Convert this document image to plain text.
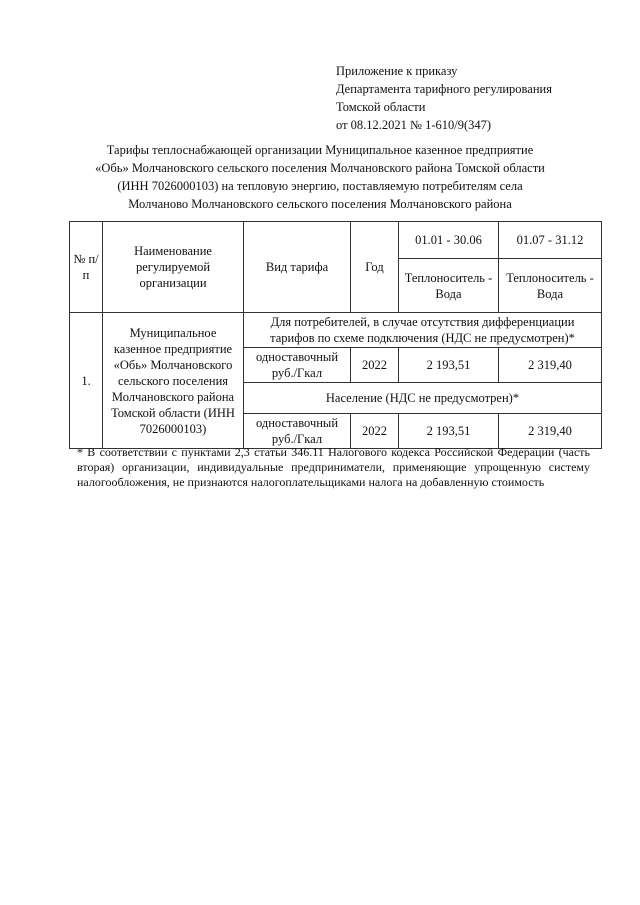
Приложение к приказу
Департамента тарифного регулирования
Томской области
от 08.12.2021 № 1-610/9(347)
Тарифы теплоснабжающей организации Муниципальное казенное предприятие
«Обь» Молчановского сельского поселения Молчановского района Томской области
(ИНН 7026000103) на тепловую энергию, поставляемую потребителям села
Молчаново Молчановского сельского поселения Молчановского района
№ п/п	Наименование регулируемой организации	Вид тарифа	Год	01.01 - 30.06	01.07 - 31.12
				Теплоноситель - Вода	Теплоноситель - Вода
1.	Муниципальное казенное предприятие «Обь» Молчановского сельского поселения Молчановского района Томской области (ИНН 7026000103)	Для потребителей, в случае отсутствия дифференциации тарифов по схеме подключения (НДС не предусмотрен)*			
		одноставочный руб./Гкал	2022	2 193,51	2 319,40
		Население (НДС не предусмотрен)*			
		одноставочный руб./Гкал	2022	2 193,51	2 319,40
* В соответствии с пунктами 2,3 статьи 346.11 Налогового кодекса Российской Федерации (часть вторая) организации, индивидуальные предприниматели, применяющие упрощенную систему налогообложения, не признаются налогоплательщиками налога на добавленную стоимость
